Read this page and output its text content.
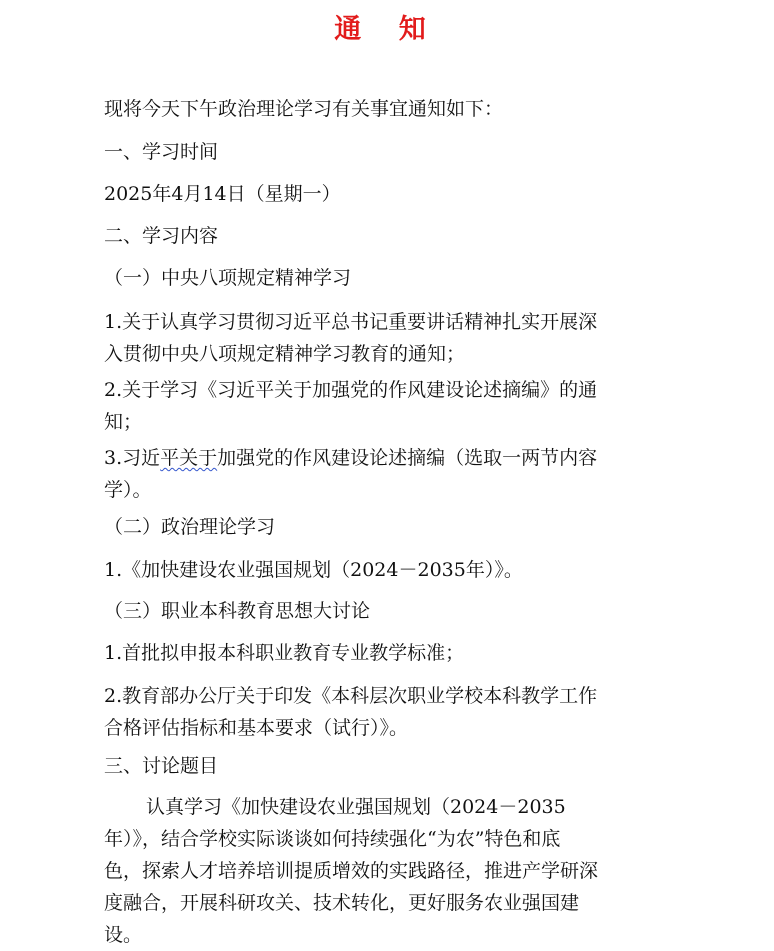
通 知
现将今天下午政治理论学习有关事宜通知如下：
一、学习时间
2025年4月14日（星期一）
二、学习内容
（一）中央八项规定精神学习
1.关于认真学习贯彻习近平总书记重要讲话精神扎实开展深
入贯彻中央八项规定精神学习教育的通知；
2.关于学习《习近平关于加强党的作风建设论述摘编》的通
知；
3.习近平关于加强党的作风建设论述摘编（选取一两节内容
学）。
（二）政治理论学习
1.《加快建设农业强国规划（2024－2035年）》。
（三）职业本科教育思想大讨论
1.首批拟申报本科职业教育专业教学标准；
2.教育部办公厅关于印发《本科层次职业学校本科教学工作
合格评估指标和基本要求（试行）》。
三、讨论题目
认真学习《加快建设农业强国规划（2024－2035
年）》，结合学校实际谈谈如何持续强化“为农”特色和底
色，探索人才培养培训提质增效的实践路径，推进产学研深
度融合，开展科研攻关、技术转化，更好服务农业强国建
设。
